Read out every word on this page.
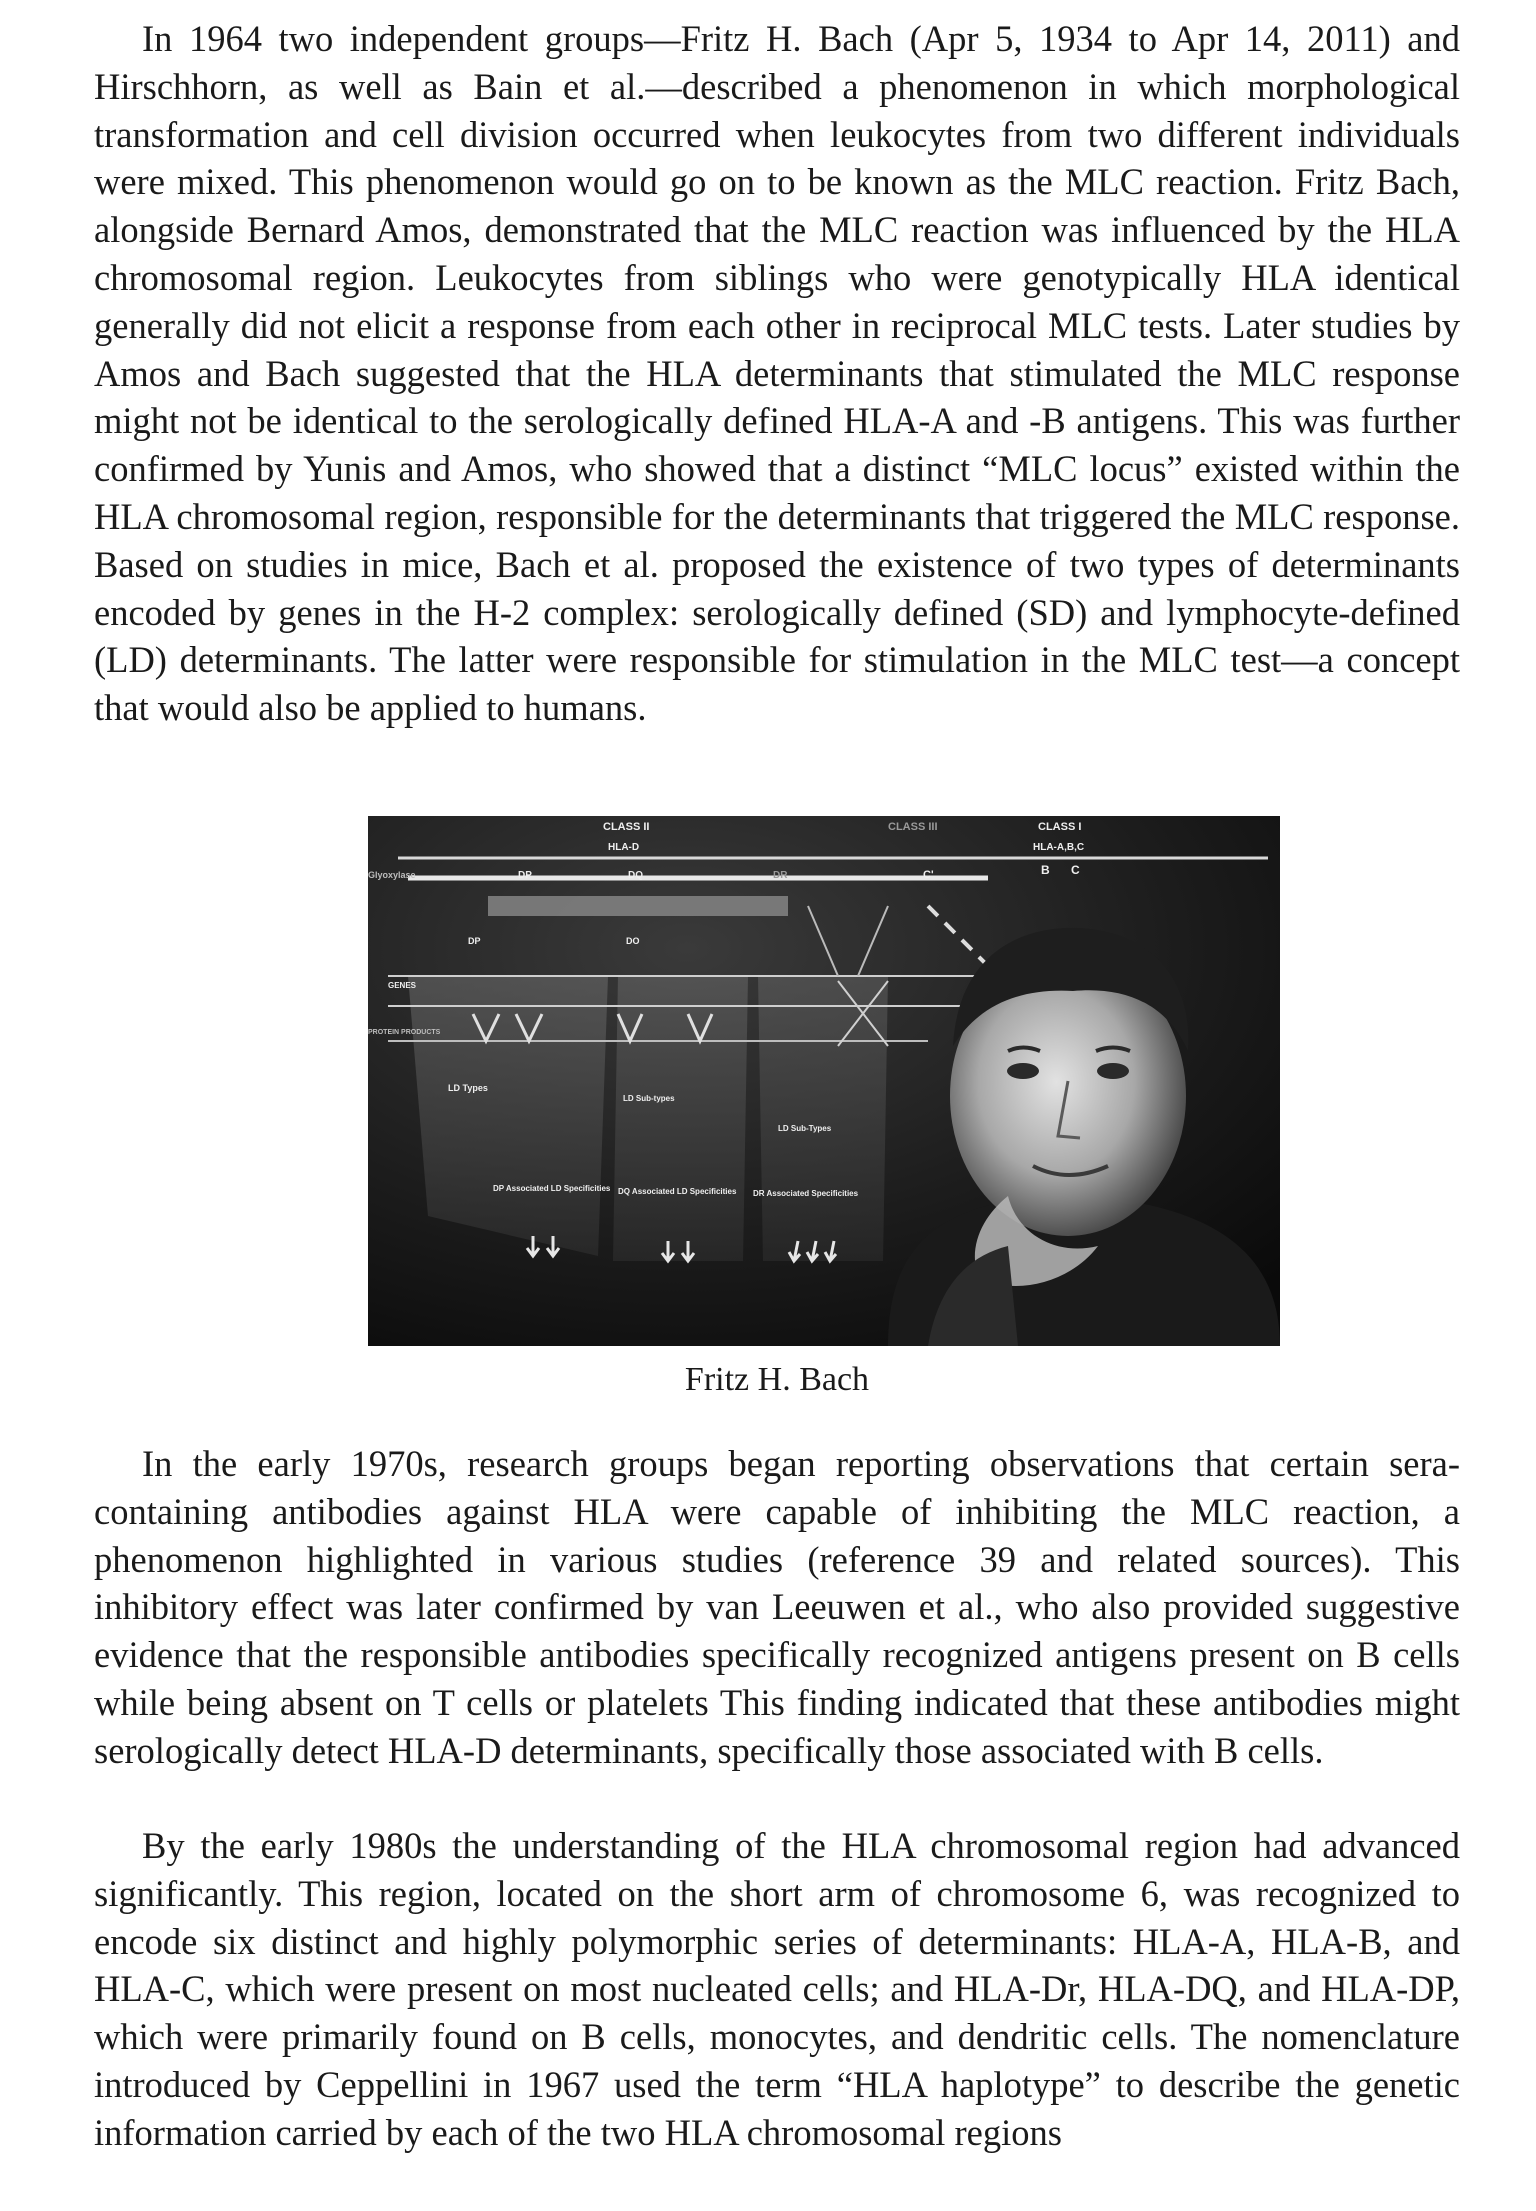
In 1964 two independent groups—Fritz H. Bach (Apr 5, 1934 to Apr 14, 2011) and Hirschhorn, as well as Bain et al.—described a phenomenon in which morphological transformation and cell division occurred when leukocytes from two different individuals were mixed. This phenomenon would go on to be known as the MLC reaction. Fritz Bach, alongside Bernard Amos, demonstrated that the MLC reaction was influenced by the HLA chromosomal region. Leukocytes from siblings who were genotypically HLA identical generally did not elicit a response from each other in reciprocal MLC tests. Later studies by Amos and Bach suggested that the HLA determinants that stimulated the MLC response might not be identical to the serologically defined HLA-A and -B antigens. This was further confirmed by Yunis and Amos, who showed that a distinct “MLC locus” existed within the HLA chromosomal region, responsible for the determinants that triggered the MLC response. Based on studies in mice, Bach et al. proposed the existence of two types of determinants encoded by genes in the H-2 complex: serologically defined (SD) and lymphocyte-defined (LD) determinants. The latter were responsible for stimulation in the MLC test—a concept that would also be applied to humans.

CLASS II
HLA-D
CLASS III	CLASS I
HLA-A,B,C
B C
Glyoxylase	DP	DQ	DR	C'
DP	DO
GENES
PROTEIN PRODUCTS
LD Types
LD Sub-types
LD Sub-Types
DP Associated LD Specificities DQ Associated LD Specificities DR Associated Specificities
Fritz H. Bach

In the early 1970s, research groups began reporting observations that certain sera-containing antibodies against HLA were capable of inhibiting the MLC reaction, a phenomenon highlighted in various studies (reference 39 and related sources). This inhibitory effect was later confirmed by van Leeuwen et al., who also provided suggestive evidence that the responsible antibodies specifically recognized antigens present on B cells while being absent on T cells or platelets This finding indicated that these antibodies might serologically detect HLA-D determinants, specifically those associated with B cells.

By the early 1980s the understanding of the HLA chromosomal region had advanced significantly. This region, located on the short arm of chromosome 6, was recognized to encode six distinct and highly polymorphic series of determinants: HLA-A, HLA-B, and HLA-C, which were present on most nucleated cells; and HLA-Dr, HLA-DQ, and HLA-DP, which were primarily found on B cells, monocytes, and dendritic cells. The nomenclature introduced by Ceppellini in 1967 used the term “HLA haplotype” to describe the genetic information carried by each of the two HLA chromosomal regions
